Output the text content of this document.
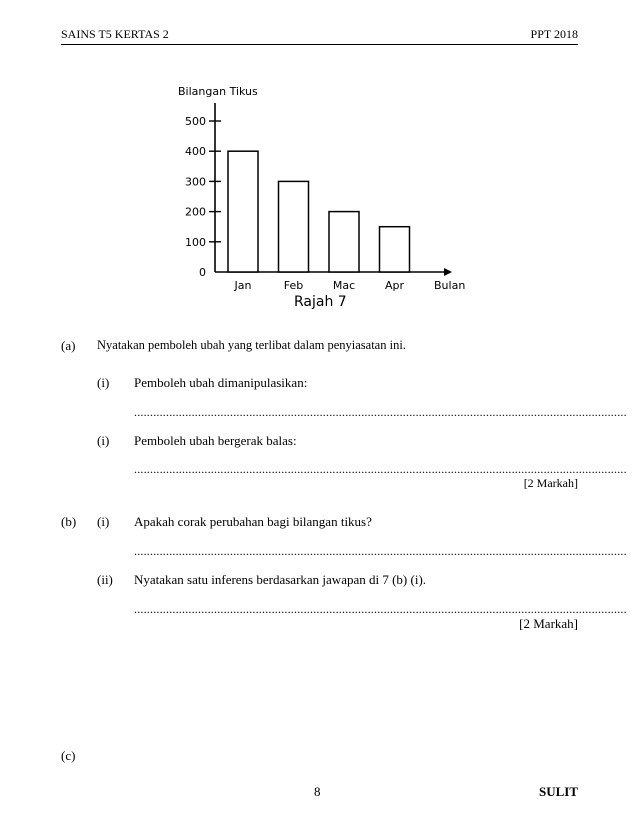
SAINS T5 KERTAS 2	PPT 2018
Bilangan Tikus
0
100
200
300
400
500
Jan	Feb	Mac	Apr	Bulan
Rajah 7
(a) Nyatakan pemboleh ubah yang terlibat dalam penyiasatan ini.
(i) Pemboleh ubah dimanipulasikan:
..........................................................................................................................................................
(i) Pemboleh ubah bergerak balas:
..........................................................................................................................................................
[2 Markah]
(b) (i) Apakah corak perubahan bagi bilangan tikus?
..........................................................................................................................................................
(ii) Nyatakan satu inferens berdasarkan jawapan di 7 (b) (i).
..........................................................................................................................................................
[2 Markah]
(c)
8	SULIT
